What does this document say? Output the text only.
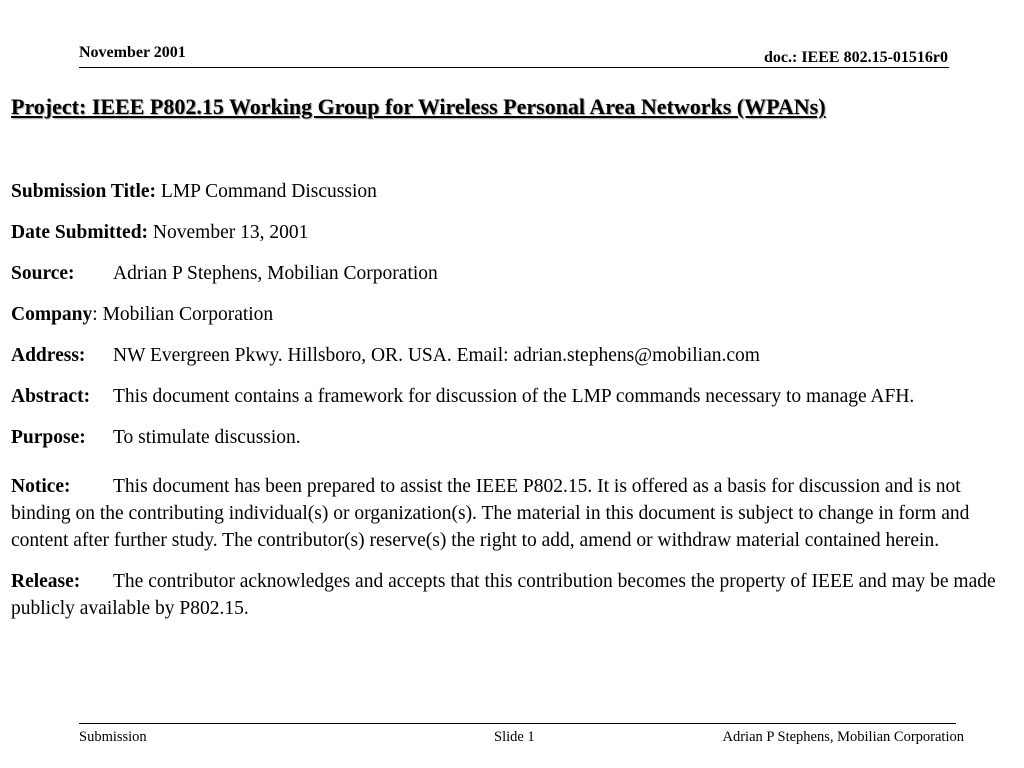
November 2001	doc.: IEEE 802.15-01516r0
Project: IEEE P802.15 Working Group for Wireless Personal Area Networks (WPANs)

Submission Title: LMP Command Discussion

Date Submitted: November 13, 2001

Source: Adrian P Stephens, Mobilian Corporation

Company: Mobilian Corporation

Address: NW Evergreen Pkwy. Hillsboro, OR. USA. Email: adrian.stephens@mobilian.com

Abstract: This document contains a framework for discussion of the LMP commands necessary to manage AFH.

Purpose: To stimulate discussion.

Notice: This document has been prepared to assist the IEEE P802.15. It is offered as a basis for discussion and is not binding on the contributing individual(s) or organization(s). The material in this document is subject to change in form and content after further study. The contributor(s) reserve(s) the right to add, amend or withdraw material contained herein.

Release: The contributor acknowledges and accepts that this contribution becomes the property of IEEE and may be made publicly available by P802.15.

Submission	Slide 1	Adrian P Stephens, Mobilian Corporation
